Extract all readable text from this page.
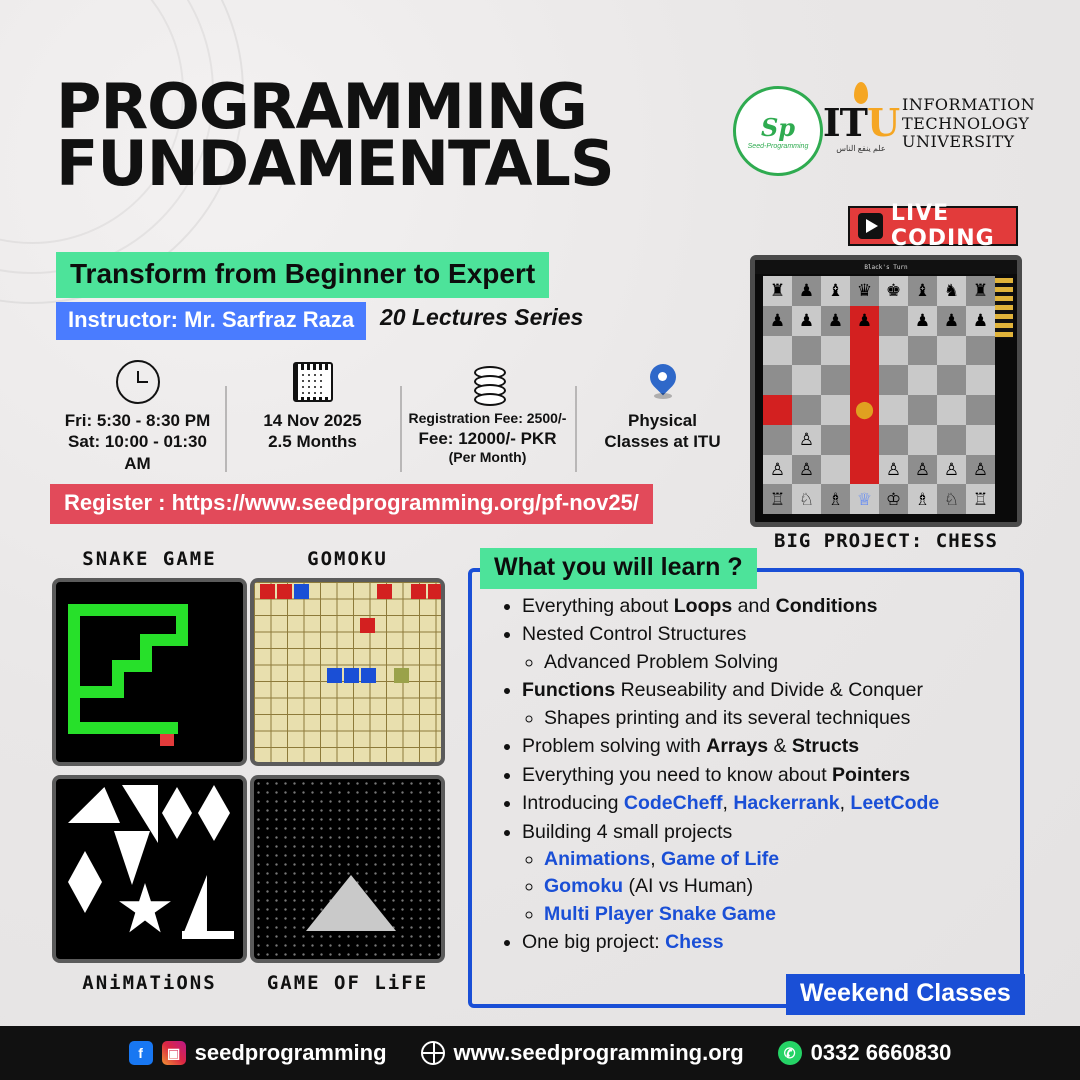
PROGRAMMING
FUNDAMENTALS
Transform from Beginner to Expert
Instructor: Mr. Sarfraz Raza	20 Lectures Series
Sp
Seed-Programming
ITU
علم ینفع الناس
INFORMATION
TECHNOLOGY
UNIVERSITY
LIVE CODING
Fri: 5:30 - 8:30 PM
Sat: 10:00 - 01:30 AM
14 Nov 2025
2.5 Months
Registration Fee: 2500/-
Fee: 12000/- PKR
(Per Month)
Physical
Classes at ITU
Register : https://www.seedprogramming.org/pf-nov25/
SNAKE GAME	GOMOKU
ANiMATiONS	GAME OF LiFE
Black's Turn
♜ ♟ ♝ ♛ ♚ ♝ ♞ ♜
♟ ♟ ♟ ♟	♟ ♟ ♟
⬤
♙
♙ ♙	♙ ♙ ♙ ♙
♖ ♘ ♗ ♕ ♔ ♗ ♘ ♖
BIG PROJECT: CHESS
What you will learn ?
• Everything about Loops and Conditions
• Nested Control Structures
◦ Advanced Problem Solving
• Functions Reuseability and Divide & Conquer
◦ Shapes printing and its several techniques
• Problem solving with Arrays & Structs
• Everything you need to know about Pointers
• Introducing CodeCheff, Hackerrank, LeetCode
• Building 4 small projects
◦ Animations, Game of Life
◦ Gomoku (AI vs Human)
◦ Multi Player Snake Game
• One big project: Chess
Weekend Classes
f	▣ seedprogramming	www.seedprogramming.org	✆ 0332 6660830
